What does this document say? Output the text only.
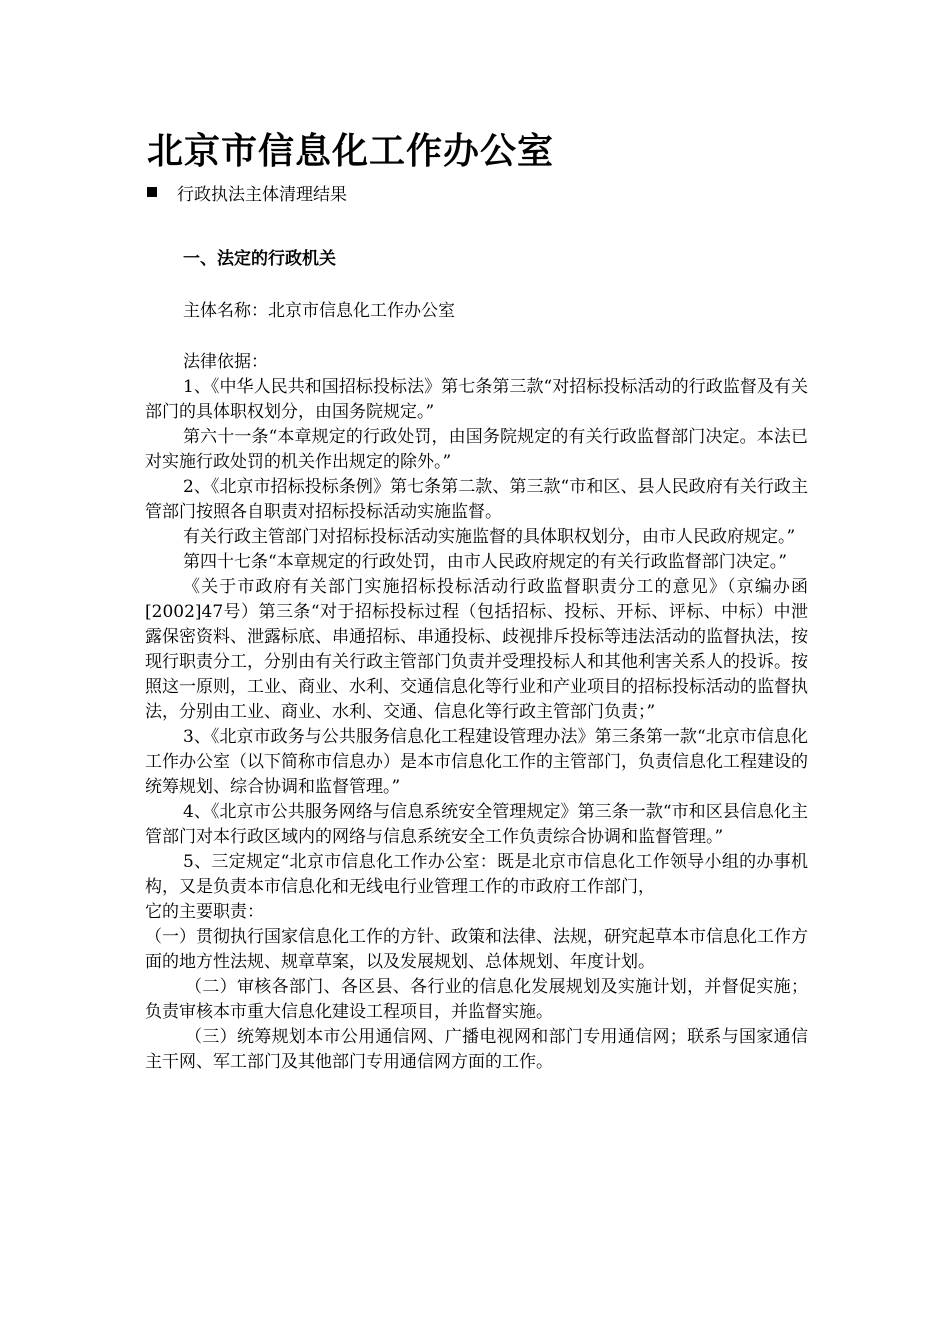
北京市信息化工作办公室
行政执法主体清理结果

一、法定的行政机关

主体名称：北京市信息化工作办公室

法律依据：

1、《中华人民共和国招标投标法》第七条第三款“对招标投标活动的行政监督及有关部门的具体职权划分，由国务院规定。”

第六十一条“本章规定的行政处罚，由国务院规定的有关行政监督部门决定。本法已对实施行政处罚的机关作出规定的除外。”

2、《北京市招标投标条例》第七条第二款、第三款“市和区、县人民政府有关行政主管部门按照各自职责对招标投标活动实施监督。

有关行政主管部门对招标投标活动实施监督的具体职权划分，由市人民政府规定。”

第四十七条“本章规定的行政处罚，由市人民政府规定的有关行政监督部门决定。”

《关于市政府有关部门实施招标投标活动行政监督职责分工的意见》（京编办函[2002]47号）第三条“对于招标投标过程（包括招标、投标、开标、评标、中标）中泄露保密资料、泄露标底、串通招标、串通投标、歧视排斥投标等违法活动的监督执法，按现行职责分工，分别由有关行政主管部门负责并受理投标人和其他利害关系人的投诉。按照这一原则，工业、商业、水利、交通信息化等行业和产业项目的招标投标活动的监督执法，分别由工业、商业、水利、交通、信息化等行政主管部门负责；”

3、《北京市政务与公共服务信息化工程建设管理办法》第三条第一款“北京市信息化工作办公室（以下简称市信息办）是本市信息化工作的主管部门，负责信息化工程建设的统筹规划、综合协调和监督管理。”

4、《北京市公共服务网络与信息系统安全管理规定》第三条一款“市和区县信息化主管部门对本行政区域内的网络与信息系统安全工作负责综合协调和监督管理。”

5、三定规定“北京市信息化工作办公室：既是北京市信息化工作领导小组的办事机构，又是负责本市信息化和无线电行业管理工作的市政府工作部门，

它的主要职责：

（一）贯彻执行国家信息化工作的方针、政策和法律、法规，研究起草本市信息化工作方面的地方性法规、规章草案，以及发展规划、总体规划、年度计划。

（二）审核各部门、各区县、各行业的信息化发展规划及实施计划，并督促实施；负责审核本市重大信息化建设工程项目，并监督实施。

（三）统筹规划本市公用通信网、广播电视网和部门专用通信网；联系与国家通信主干网、军工部门及其他部门专用通信网方面的工作。
